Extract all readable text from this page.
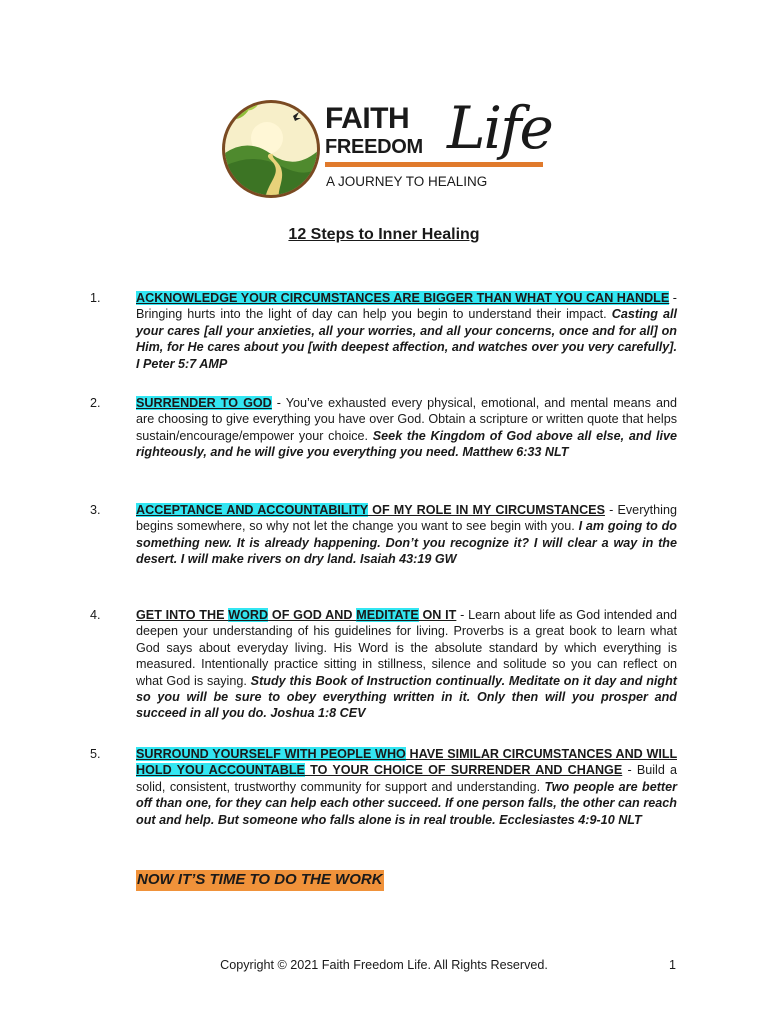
FAITH
FREEDOM Life
A JOURNEY TO HEALING
12 Steps to Inner Healing
1.	ACKNOWLEDGE YOUR CIRCUMSTANCES ARE BIGGER THAN WHAT YOU CAN HANDLE - Bringing hurts into the light of day can help you begin to understand their impact. Casting all your cares [all your anxieties, all your worries, and all your concerns, once and for all] on Him, for He cares about you [with deepest affection, and watches over you very carefully]. I Peter 5:7 AMP
2.	SURRENDER TO GOD - You’ve exhausted every physical, emotional, and mental means and are choosing to give everything you have over God. Obtain a scripture or written quote that helps sustain/encourage/empower your choice. Seek the Kingdom of God above all else, and live righteously, and he will give you everything you need. Matthew 6:33 NLT
3.	ACCEPTANCE AND ACCOUNTABILITY OF MY ROLE IN MY CIRCUMSTANCES - Everything begins somewhere, so why not let the change you want to see begin with you. I am going to do something new. It is already happening. Don’t you recognize it? I will clear a way in the desert. I will make rivers on dry land. Isaiah 43:19 GW
4.	GET INTO THE WORD OF GOD AND MEDITATE ON IT - Learn about life as God intended and deepen your understanding of his guidelines for living. Proverbs is a great book to learn what God says about everyday living. His Word is the absolute standard by which everything is measured. Intentionally practice sitting in stillness, silence and solitude so you can reflect on what God is saying. Study this Book of Instruction continually. Meditate on it day and night so you will be sure to obey everything written in it. Only then will you prosper and succeed in all you do. Joshua 1:8 CEV
5.	SURROUND YOURSELF WITH PEOPLE WHO HAVE SIMILAR CIRCUMSTANCES AND WILL HOLD YOU ACCOUNTABLE TO YOUR CHOICE OF SURRENDER AND CHANGE - Build a solid, consistent, trustworthy community for support and understanding. Two people are better off than one, for they can help each other succeed. If one person falls, the other can reach out and help. But someone who falls alone is in real trouble. Ecclesiastes 4:9-10 NLT
NOW IT’S TIME TO DO THE WORK
Copyright © 2021 Faith Freedom Life. All Rights Reserved.	1
